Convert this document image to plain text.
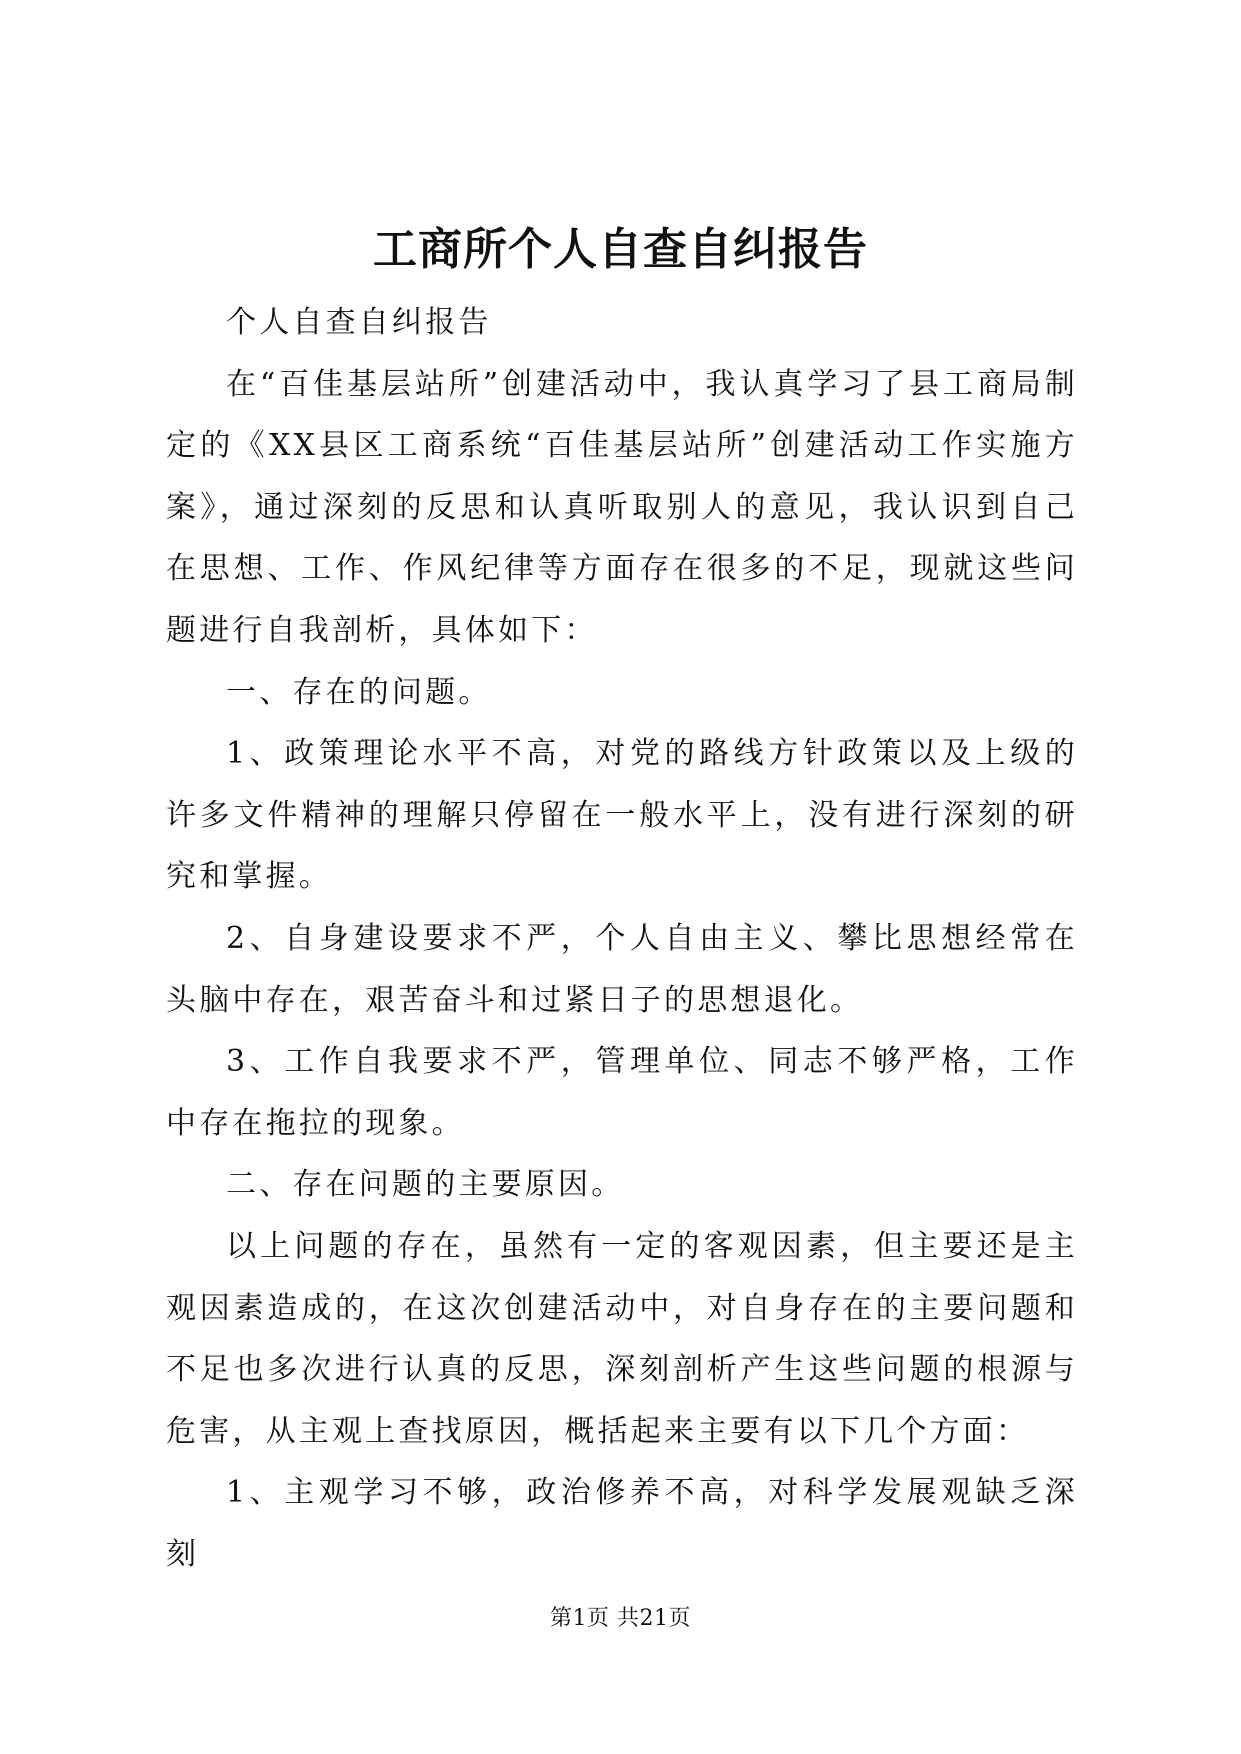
工商所个人自查自纠报告

个人自查自纠报告

在“百佳基层站所”创建活动中，我认真学习了县工商局制定的《XX县区工商系统“百佳基层站所”创建活动工作实施方案》，通过深刻的反思和认真听取别人的意见，我认识到自己在思想、工作、作风纪律等方面存在很多的不足，现就这些问题进行自我剖析，具体如下：

一、存在的问题。

1、政策理论水平不高，对党的路线方针政策以及上级的许多文件精神的理解只停留在一般水平上，没有进行深刻的研究和掌握。

2、自身建设要求不严，个人自由主义、攀比思想经常在头脑中存在，艰苦奋斗和过紧日子的思想退化。

3、工作自我要求不严，管理单位、同志不够严格，工作中存在拖拉的现象。

二、存在问题的主要原因。

以上问题的存在，虽然有一定的客观因素，但主要还是主观因素造成的，在这次创建活动中，对自身存在的主要问题和不足也多次进行认真的反思，深刻剖析产生这些问题的根源与危害，从主观上查找原因，概括起来主要有以下几个方面：

1、主观学习不够，政治修养不高，对科学发展观缺乏深刻

第1页 共21页
